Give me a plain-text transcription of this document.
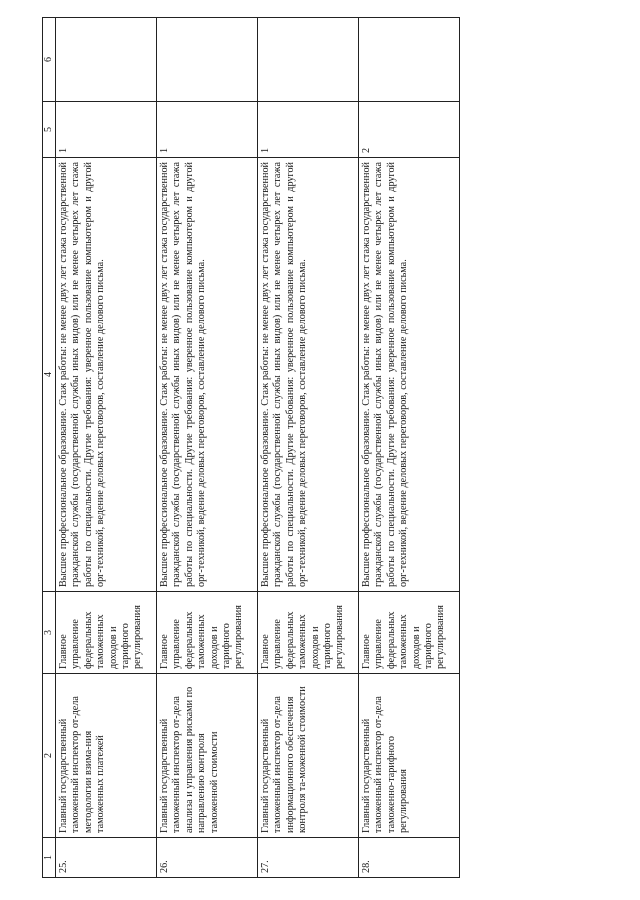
1	2	3	4	5	6
25.	Главный государственный таможенный инспектор от-дела методологии взима-ния таможенных платежей	Главное управление федеральных таможенных доходов и тарифного регулирования	Высшее профессиональное образование. Стаж работы: не менее двух лет стажа государственной гражданской службы (государственной службы иных видов) или не менее четырех лет стажа работы по специальности. Другие требования: уверенное пользование компьютером и другой орг-техникой, ведение деловых переговоров, составление делового письма.	1	
26.	Главный государственный таможенный инспектор от-дела анализа и управления рисками по направлению контроля таможенной стоимости	Главное управление федеральных таможенных доходов и тарифного регулирования	Высшее профессиональное образование. Стаж работы: не менее двух лет стажа государственной гражданской службы (государственной службы иных видов) или не менее четырех лет стажа работы по специальности. Другие требования: уверенное пользование компьютером и другой орг-техникой, ведение деловых переговоров, составление делового письма.	1	
27.	Главный государственный таможенный инспектор от-дела информационного обеспечения контроля та-моженной стоимости	Главное управление федеральных таможенных доходов и тарифного регулирования	Высшее профессиональное образование. Стаж работы: не менее двух лет стажа государственной гражданской службы (государственной службы иных видов) или не менее четырех лет стажа работы по специальности. Другие требования: уверенное пользование компьютером и другой орг-техникой, ведение деловых переговоров, составление делового письма.	1	
28.	Главный государственный таможенный инспектор от-дела таможенно-тарифного регулирования	Главное управление федеральных таможенных доходов и тарифного регулирования	Высшее профессиональное образование. Стаж работы: не менее двух лет стажа государственной гражданской службы (государственной службы иных видов) или не менее четырех лет стажа работы по специальности. Другие требования: уверенное пользование компьютером и другой орг-техникой, ведение деловых переговоров, составление делового письма.	2	
